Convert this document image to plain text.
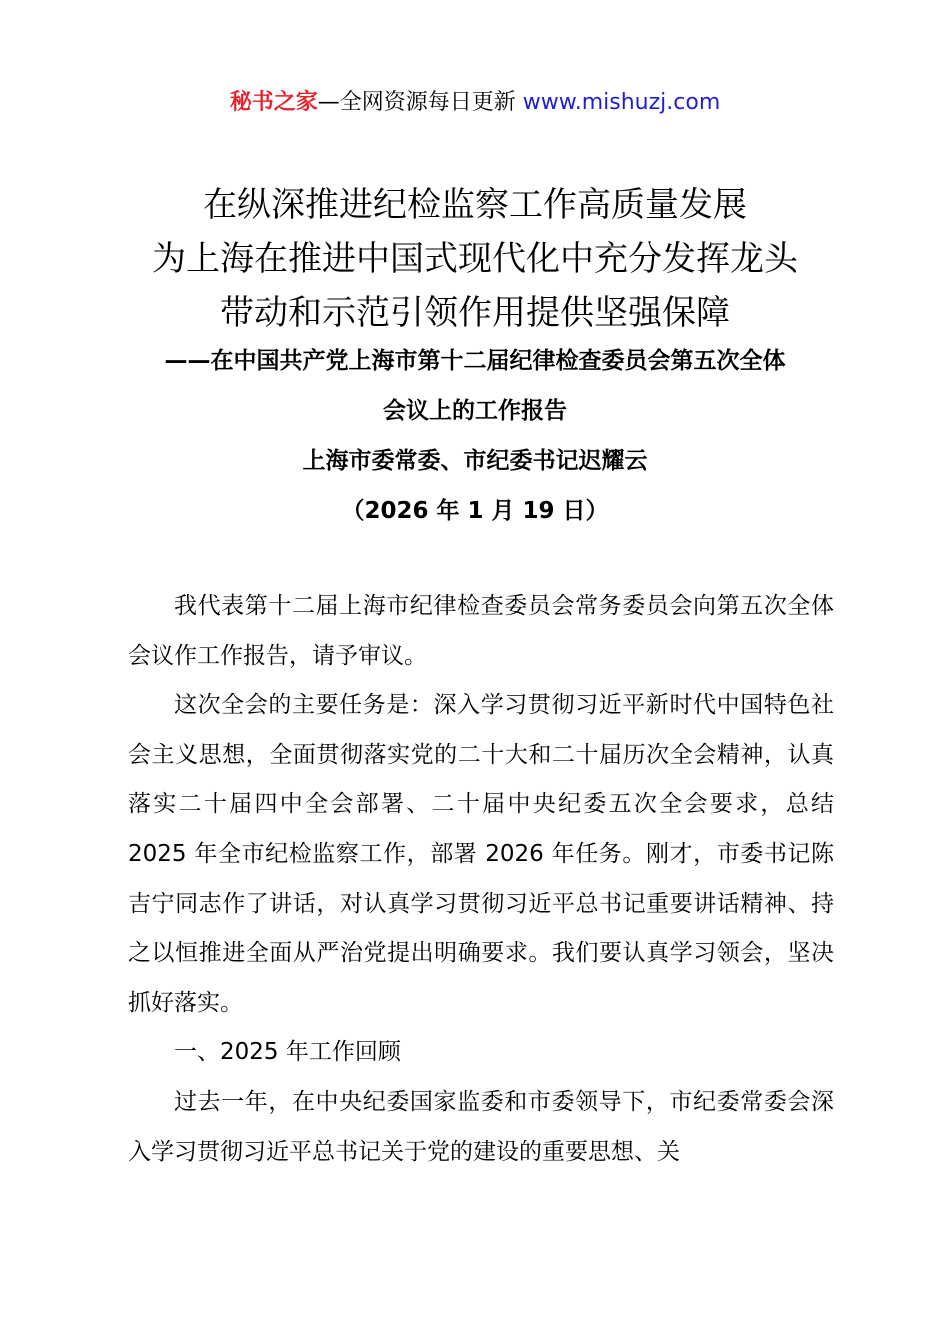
秘书之家—全网资源每日更新 www.mishuzj.com
在纵深推进纪检监察工作高质量发展
为上海在推进中国式现代化中充分发挥龙头
带动和示范引领作用提供坚强保障
——在中国共产党上海市第十二届纪律检查委员会第五次全体
会议上的工作报告
上海市委常委、市纪委书记迟耀云
（2026 年 1 月 19 日）

我代表第十二届上海市纪律检查委员会常务委员会向第五次全体会议作工作报告，请予审议。

这次全会的主要任务是：深入学习贯彻习近平新时代中国特色社会主义思想，全面贯彻落实党的二十大和二十届历次全会精神，认真落实二十届四中全会部署、二十届中央纪委五次全会要求，总结 2025 年全市纪检监察工作，部署 2026 年任务。刚才，市委书记陈吉宁同志作了讲话，对认真学习贯彻习近平总书记重要讲话精神、持之以恒推进全面从严治党提出明确要求。我们要认真学习领会，坚决抓好落实。

一、2025 年工作回顾

过去一年，在中央纪委国家监委和市委领导下，市纪委常委会深入学习贯彻习近平总书记关于党的建设的重要思想、关
